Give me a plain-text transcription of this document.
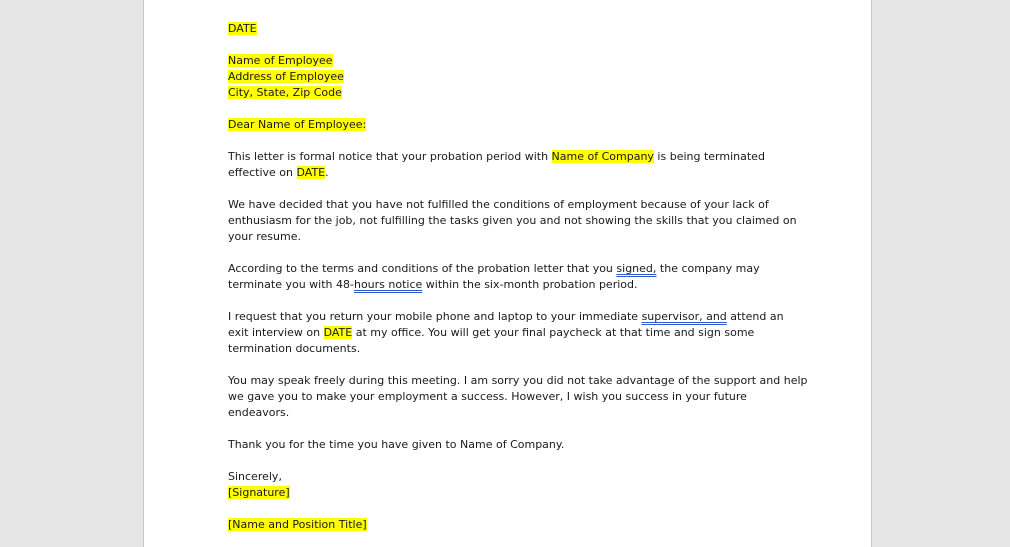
DATE
Name of Employee
Address of Employee
City, State, Zip Code
Dear Name of Employee:
This letter is formal notice that your probation period with Name of Company is being terminated
effective on DATE.
We have decided that you have not fulfilled the conditions of employment because of your lack of
enthusiasm for the job, not fulfilling the tasks given you and not showing the skills that you claimed on
your resume.
According to the terms and conditions of the probation letter that you signed, the company may
terminate you with 48-hours notice within the six-month probation period.
I request that you return your mobile phone and laptop to your immediate supervisor, and attend an
exit interview on DATE at my office. You will get your final paycheck at that time and sign some
termination documents.
You may speak freely during this meeting. I am sorry you did not take advantage of the support and help
we gave you to make your employment a success. However, I wish you success in your future
endeavors.
Thank you for the time you have given to Name of Company.
Sincerely,
[Signature]
[Name and Position Title]
